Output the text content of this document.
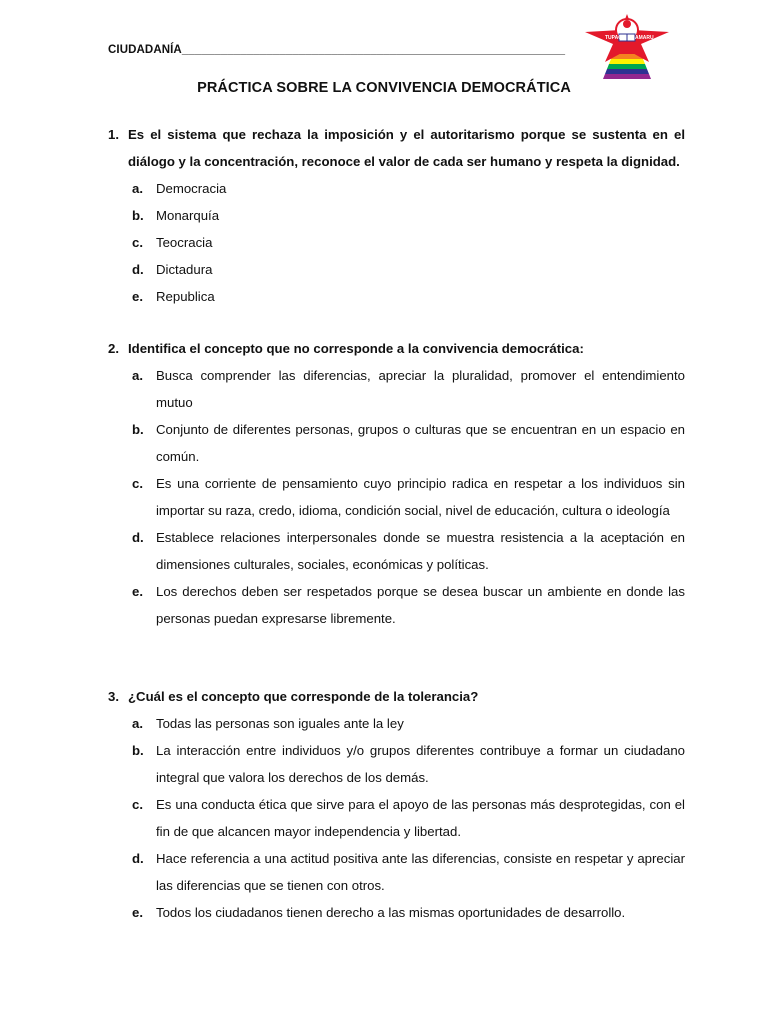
CIUDADANÍA___________________________________________________________
TUPAC	AMARU
PRÁCTICA SOBRE LA CONVIVENCIA DEMOCRÁTICA
1. Es el sistema que rechaza la imposición y el autoritarismo porque se sustenta en el diálogo y la concentración, reconoce el valor de cada ser humano y respeta la dignidad.
a. Democracia
b. Monarquía
c. Teocracia
d. Dictadura
e. Republica
2. Identifica el concepto que no corresponde a la convivencia democrática:
a. Busca comprender las diferencias, apreciar la pluralidad, promover el entendimiento mutuo
b. Conjunto de diferentes personas, grupos o culturas que se encuentran en un espacio en común.
c. Es una corriente de pensamiento cuyo principio radica en respetar a los individuos sin importar su raza, credo, idioma, condición social, nivel de educación, cultura o ideología
d. Establece relaciones interpersonales donde se muestra resistencia a la aceptación en dimensiones culturales, sociales, económicas y políticas.
e. Los derechos deben ser respetados porque se desea buscar un ambiente en donde las personas puedan expresarse libremente.
3. ¿Cuál es el concepto que corresponde de la tolerancia?
a. Todas las personas son iguales ante la ley
b. La interacción entre individuos y/o grupos diferentes contribuye a formar un ciudadano integral que valora los derechos de los demás.
c. Es una conducta ética que sirve para el apoyo de las personas más desprotegidas, con el fin de que alcancen mayor independencia y libertad.
d. Hace referencia a una actitud positiva ante las diferencias, consiste en respetar y apreciar las diferencias que se tienen con otros.
e. Todos los ciudadanos tienen derecho a las mismas oportunidades de desarrollo.
